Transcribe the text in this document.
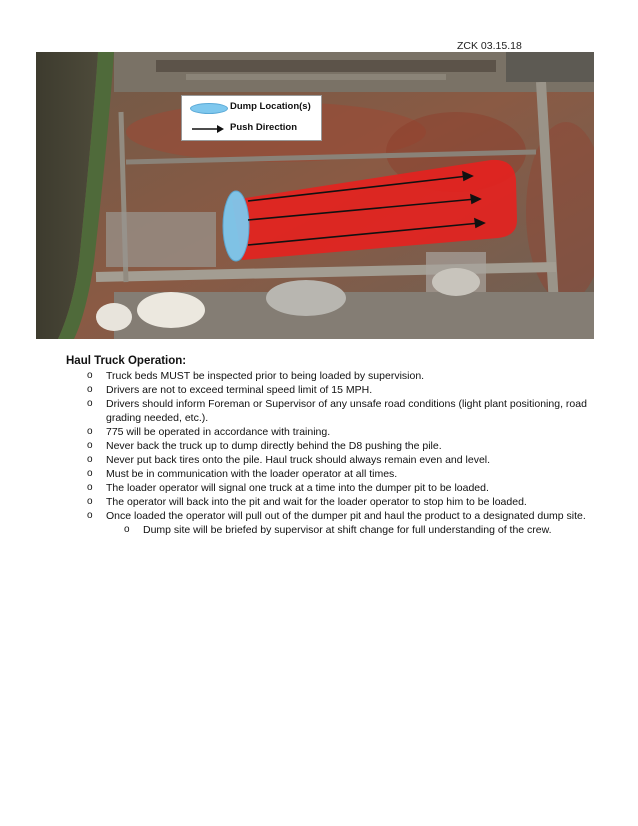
ZCK 03.15.18
Dump Location(s)
Push Direction

Haul Truck Operation:

o Truck beds MUST be inspected prior to being loaded by supervision.
o Drivers are not to exceed terminal speed limit of 15 MPH.
o Drivers should inform Foreman or Supervisor of any unsafe road conditions (light plant positioning, road
grading needed, etc.).
o 775 will be operated in accordance with training.
o Never back the truck up to dump directly behind the D8 pushing the pile.
o Never put back tires onto the pile. Haul truck should always remain even and level.
o Must be in communication with the loader operator at all times.
o The loader operator will signal one truck at a time into the dumper pit to be loaded.
o The operator will back into the pit and wait for the loader operator to stop him to be loaded.
o Once loaded the operator will pull out of the dumper pit and haul the product to a designated dump site.
o Dump site will be briefed by supervisor at shift change for full understanding of the crew.
